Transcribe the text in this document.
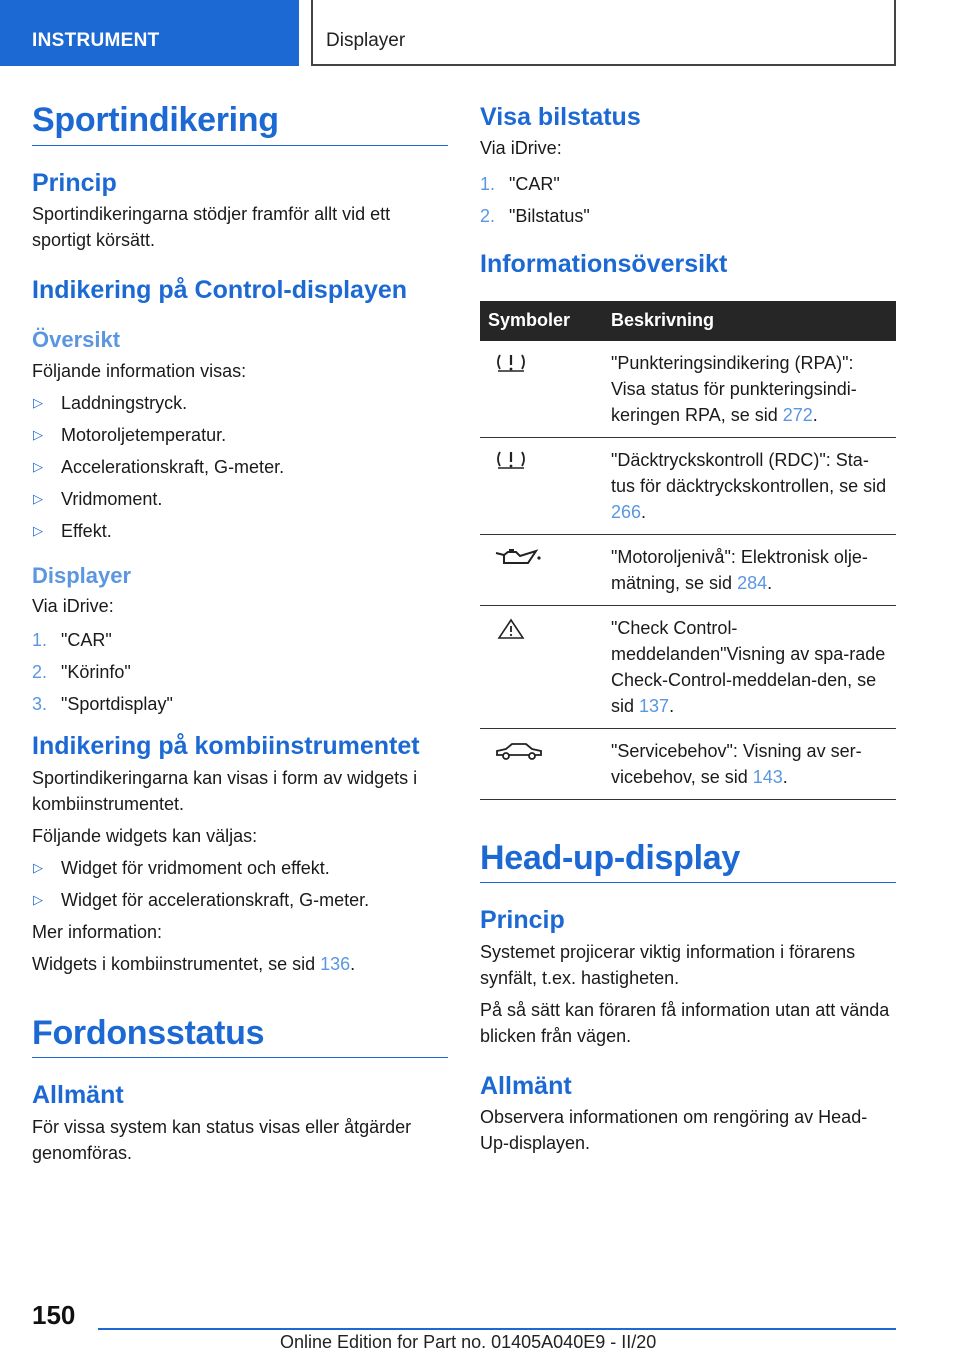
INSTRUMENT	Displayer
Sportindikering
Princip

Sportindikeringarna stödjer framför allt vid ett sportigt körsätt.

Indikering på Control-displayen
Översikt

Följande information visas:

▷ Laddningstryck.
▷ Motoroljetemperatur.
▷ Accelerationskraft, G-meter.
▷ Vridmoment.
▷ Effekt.
Displayer

Via iDrive:

1. "CAR"
2. "Körinfo"
3. "Sportdisplay"
Indikering på kombiinstrumentet

Sportindikeringarna kan visas i form av widgets i kombiinstrumentet.

Följande widgets kan väljas:

▷ Widget för vridmoment och effekt.
▷ Widget för accelerationskraft, G-meter.

Mer information:

Widgets i kombiinstrumentet, se sid 136.

Fordonsstatus
Allmänt

För vissa system kan status visas eller åtgärder genomföras.

Visa bilstatus

Via iDrive:

1. "CAR"
2. "Bilstatus"
Informationsöversikt
Symboler	Beskrivning

	"Punkteringsindikering (RPA)": Visa status för punkteringsindi-keringen RPA, se sid 272.

	"Däcktryckskontroll (RDC)": Sta-tus för däcktryckskontrollen, se sid 266.

	"Motoroljenivå": Elektronisk olje-mätning, se sid 284.

	"Check Control-meddelanden"Visning av spa-rade Check-Control-meddelan-den, se sid 137.

	"Servicebehov": Visning av ser-vicebehov, se sid 143.
Head-up-display
Princip

Systemet projicerar viktig information i förarens synfält, t.ex. hastigheten.

På så sätt kan föraren få information utan att vända blicken från vägen.

Allmänt

Observera informationen om rengöring av Head-Up-displayen.

150
Online Edition for Part no. 01405A040E9 - II/20
